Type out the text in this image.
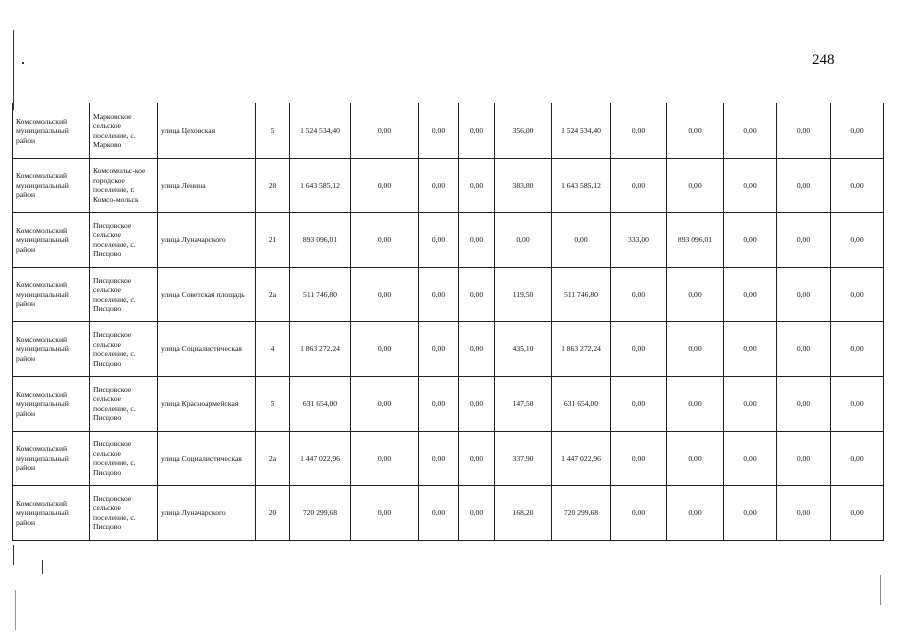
248
Комсомольский муниципальный район	Марковское сельское поселение, с. Марково	улица Цеховская	5	1 524 534,40	0,00	0,00	0,00	356,00	1 524 534,40	0,00	0,00	0,00	0,00	0,00
Комсомольский муниципальный район	Комсомольс-кое городское поселение, г. Комсо-мольск	улица Ленина	28	1 643 585,12	0,00	0,00	0,00	383,80	1 643 585,12	0,00	0,00	0,00	0,00	0,00
Комсомольский муниципальный район	Писцовское сельское поселение, с. Писцово	улица Луначарского	21	893 096,01	0,00	0,00	0,00	0,00	0,00	333,00	893 096,01	0,00	0,00	0,00
Комсомольский муниципальный район	Писцовское сельское поселение, с. Писцово	улица Советская площадь	2а	511 746,80	0,00	0,00	0,00	119,50	511 746,80	0,00	0,00	0,00	0,00	0,00
Комсомольский муниципальный район	Писцовское сельское поселение, с. Писцово	улица Социалистическая	4	1 863 272,24	0,00	0,00	0,00	435,10	1 863 272,24	0,00	0,00	0,00	0,00	0,00
Комсомольский муниципальный район	Писцовское сельское поселение, с. Писцово	улица Красноармейская	5	631 654,00	0,00	0,00	0,00	147,50	631 654,00	0,00	0,00	0,00	0,00	0,00
Комсомольский муниципальный район	Писцовское сельское поселение, с. Писцово	улица Социалистическая	2а	1 447 022,96	0,00	0,00	0,00	337,90	1 447 022,96	0,00	0,00	0,00	0,00	0,00
Комсомольский муниципальный район	Писцовское сельское поселение, с. Писцово	улица Луначарского	20	720 299,68	0,00	0,00	0,00	168,20	720 299,68	0,00	0,00	0,00	0,00	0,00
